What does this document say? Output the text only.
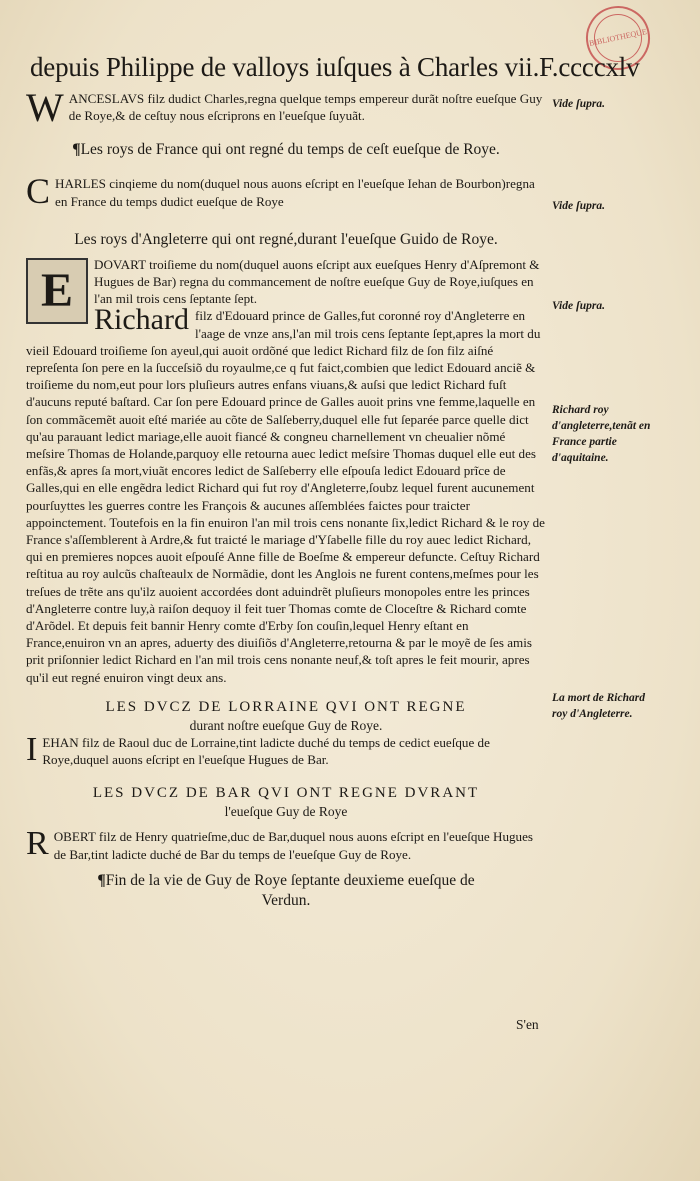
BIBLIOTHEQUE
depuis Philippe de valloys iuſques à Charles vii.F.ccccxlv

W ANCESLAVS filz dudict Charles,regna quelque temps empereur durãt noſtre eueſque Guy de Roye,& de ceſtuy nous eſcriprons en l'eueſque ſuyuãt.

¶Les roys de France qui ont regné du temps de ceſt eueſque de Roye.

C HARLES cinqieme du nom(duquel nous auons eſcript en l'eueſque Iehan de Bourbon)regna en France du temps dudict eueſque de Roye

Les roys d'Angleterre qui ont regné,durant l'eueſque Guido de Roye.

E	DOVART troiſieme du nom(duquel auons eſcript aux eueſques Henry d'Aſpremont & Hugues de Bar) regna du commancement de noſtre eueſque Guy de Roye,iuſques en l'an mil trois cens ſeptante ſept.

Richard filz d'Edouard prince de Galles,fut coronné roy d'Angleterre en l'aage de vnze ans,l'an mil trois cens ſeptante ſept,apres la mort du vieil Edouard troiſieme ſon ayeul,qui auoit ordõné que ledict Richard filz de ſon filz aiſné repreſenta ſon pere en la ſucceſsiõ du royaulme,ce q fut faict,combien que ledict Edouard anciẽ & troiſieme du nom,eut pour lors pluſieurs autres enfans viuans,& auſsi que ledict Richard fuſt d'aucuns reputé baſtard. Car ſon pere Edouard prince de Galles auoit prins vne femme,laquelle en ſon commãcemẽt auoit eſté mariée au cõte de Salſeberry,duquel elle fut ſeparée parce quelle dict qu'au parauant ledict mariage,elle auoit fiancé & congneu charnellement vn cheualier nõmé meſsire Thomas de Holande,parquoy elle retourna auec ledict meſsire Thomas duquel elle eut des enfãs,& apres ſa mort,viuãt encores ledict de Salſeberry elle eſpouſa ledict Edouard prĩce de Galles,qui en elle engẽdra ledict Richard qui fut roy d'Angleterre,ſoubz lequel furent aucunement pourſuyttes les guerres contre les François & aucunes aſſemblées faictes pour traicter appoinctement. Toutefois en la fin enuiron l'an mil trois cens nonante ſix,ledict Richard & le roy de France s'aſſemblerent à Ardre,& fut traicté le mariage d'Yſabelle fille du roy auec ledict Richard, qui en premieres nopces auoit eſpouſé Anne fille de Boeſme & empereur defuncte. Ceſtuy Richard reſtitua au roy aulcũs chaſteaulx de Normãdie, dont les Anglois ne furent contens,meſmes pour les treſues de trẽte ans qu'ilz auoient accordées dont aduindrẽt pluſieurs monopoles entre les princes d'Angleterre contre luy,à raiſon dequoy il feit tuer Thomas comte de Cloceſtre & Richard comte d'Arõdel. Et depuis feit bannir Henry comte d'Erby ſon couſin,lequel Henry eſtant en France,enuiron vn an apres, aduerty des diuiſiõs d'Angleterre,retourna & par le moyẽ de ſes amis prit priſonnier ledict Richard en l'an mil trois cens nonante neuf,& toſt apres le feit mourir, apres qu'il eut regné enuiron vingt deux ans.

LES DVCZ DE LORRAINE QVI ONT REGNE

durant noſtre eueſque Guy de Roye.

I EHAN filz de Raoul duc de Lorraine,tint ladicte duché du temps de cedict eueſque de Roye,duquel auons eſcript en l'eueſque Hugues de Bar.

LES DVCZ DE BAR QVI ONT REGNE DVRANT

l'eueſque Guy de Roye

R OBERT filz de Henry quatrieſme,duc de Bar,duquel nous auons eſcript en l'eueſque Hugues de Bar,tint ladicte duché de Bar du temps de l'eueſque Guy de Roye.

¶Fin de la vie de Guy de Roye ſeptante deuxieme eueſque de Verdun.

Vide ſupra.
Vide ſupra.
Vide ſupra.
Richard roy d'angleterre,tenãt en France partie d'aquitaine.
La mort de Richard roy d'Angleterre.
S'en
